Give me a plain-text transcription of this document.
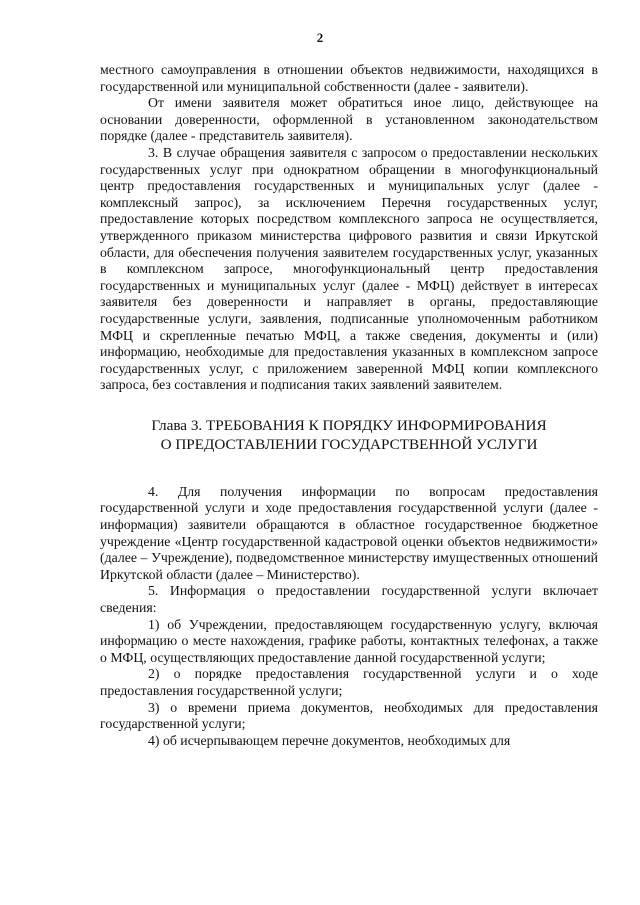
2

местного самоуправления в отношении объектов недвижимости, находящихся в государственной или муниципальной собственности (далее - заявители).

От имени заявителя может обратиться иное лицо, действующее на основании доверенности, оформленной в установленном законодательством порядке (далее - представитель заявителя).

3. В случае обращения заявителя с запросом о предоставлении нескольких государственных услуг при однократном обращении в многофункциональный центр предоставления государственных и муниципальных услуг (далее - комплексный запрос), за исключением Перечня государственных услуг, предоставление которых посредством комплексного запроса не осуществляется, утвержденного приказом министерства цифрового развития и связи Иркутской области, для обеспечения получения заявителем государственных услуг, указанных в комплексном запросе, многофункциональный центр предоставления государственных и муниципальных услуг (далее - МФЦ) действует в интересах заявителя без доверенности и направляет в органы, предоставляющие государственные услуги, заявления, подписанные уполномоченным работником МФЦ и скрепленные печатью МФЦ, а также сведения, документы и (или) информацию, необходимые для предоставления указанных в комплексном запросе государственных услуг, с приложением заверенной МФЦ копии комплексного запроса, без составления и подписания таких заявлений заявителем.

Глава 3. ТРЕБОВАНИЯ К ПОРЯДКУ ИНФОРМИРОВАНИЯ
О ПРЕДОСТАВЛЕНИИ ГОСУДАРСТВЕННОЙ УСЛУГИ

4. Для получения информации по вопросам предоставления государственной услуги и ходе предоставления государственной услуги (далее - информация) заявители обращаются в областное государственное бюджетное учреждение «Центр государственной кадастровой оценки объектов недвижимости» (далее – Учреждение), подведомственное министерству имущественных отношений Иркутской области (далее – Министерство).

5. Информация о предоставлении государственной услуги включает сведения:

1) об Учреждении, предоставляющем государственную услугу, включая информацию о месте нахождения, графике работы, контактных телефонах, а также о МФЦ, осуществляющих предоставление данной государственной услуги;

2) о порядке предоставления государственной услуги и о ходе предоставления государственной услуги;

3) о времени приема документов, необходимых для предоставления государственной услуги;

4) об исчерпывающем перечне документов, необходимых для
